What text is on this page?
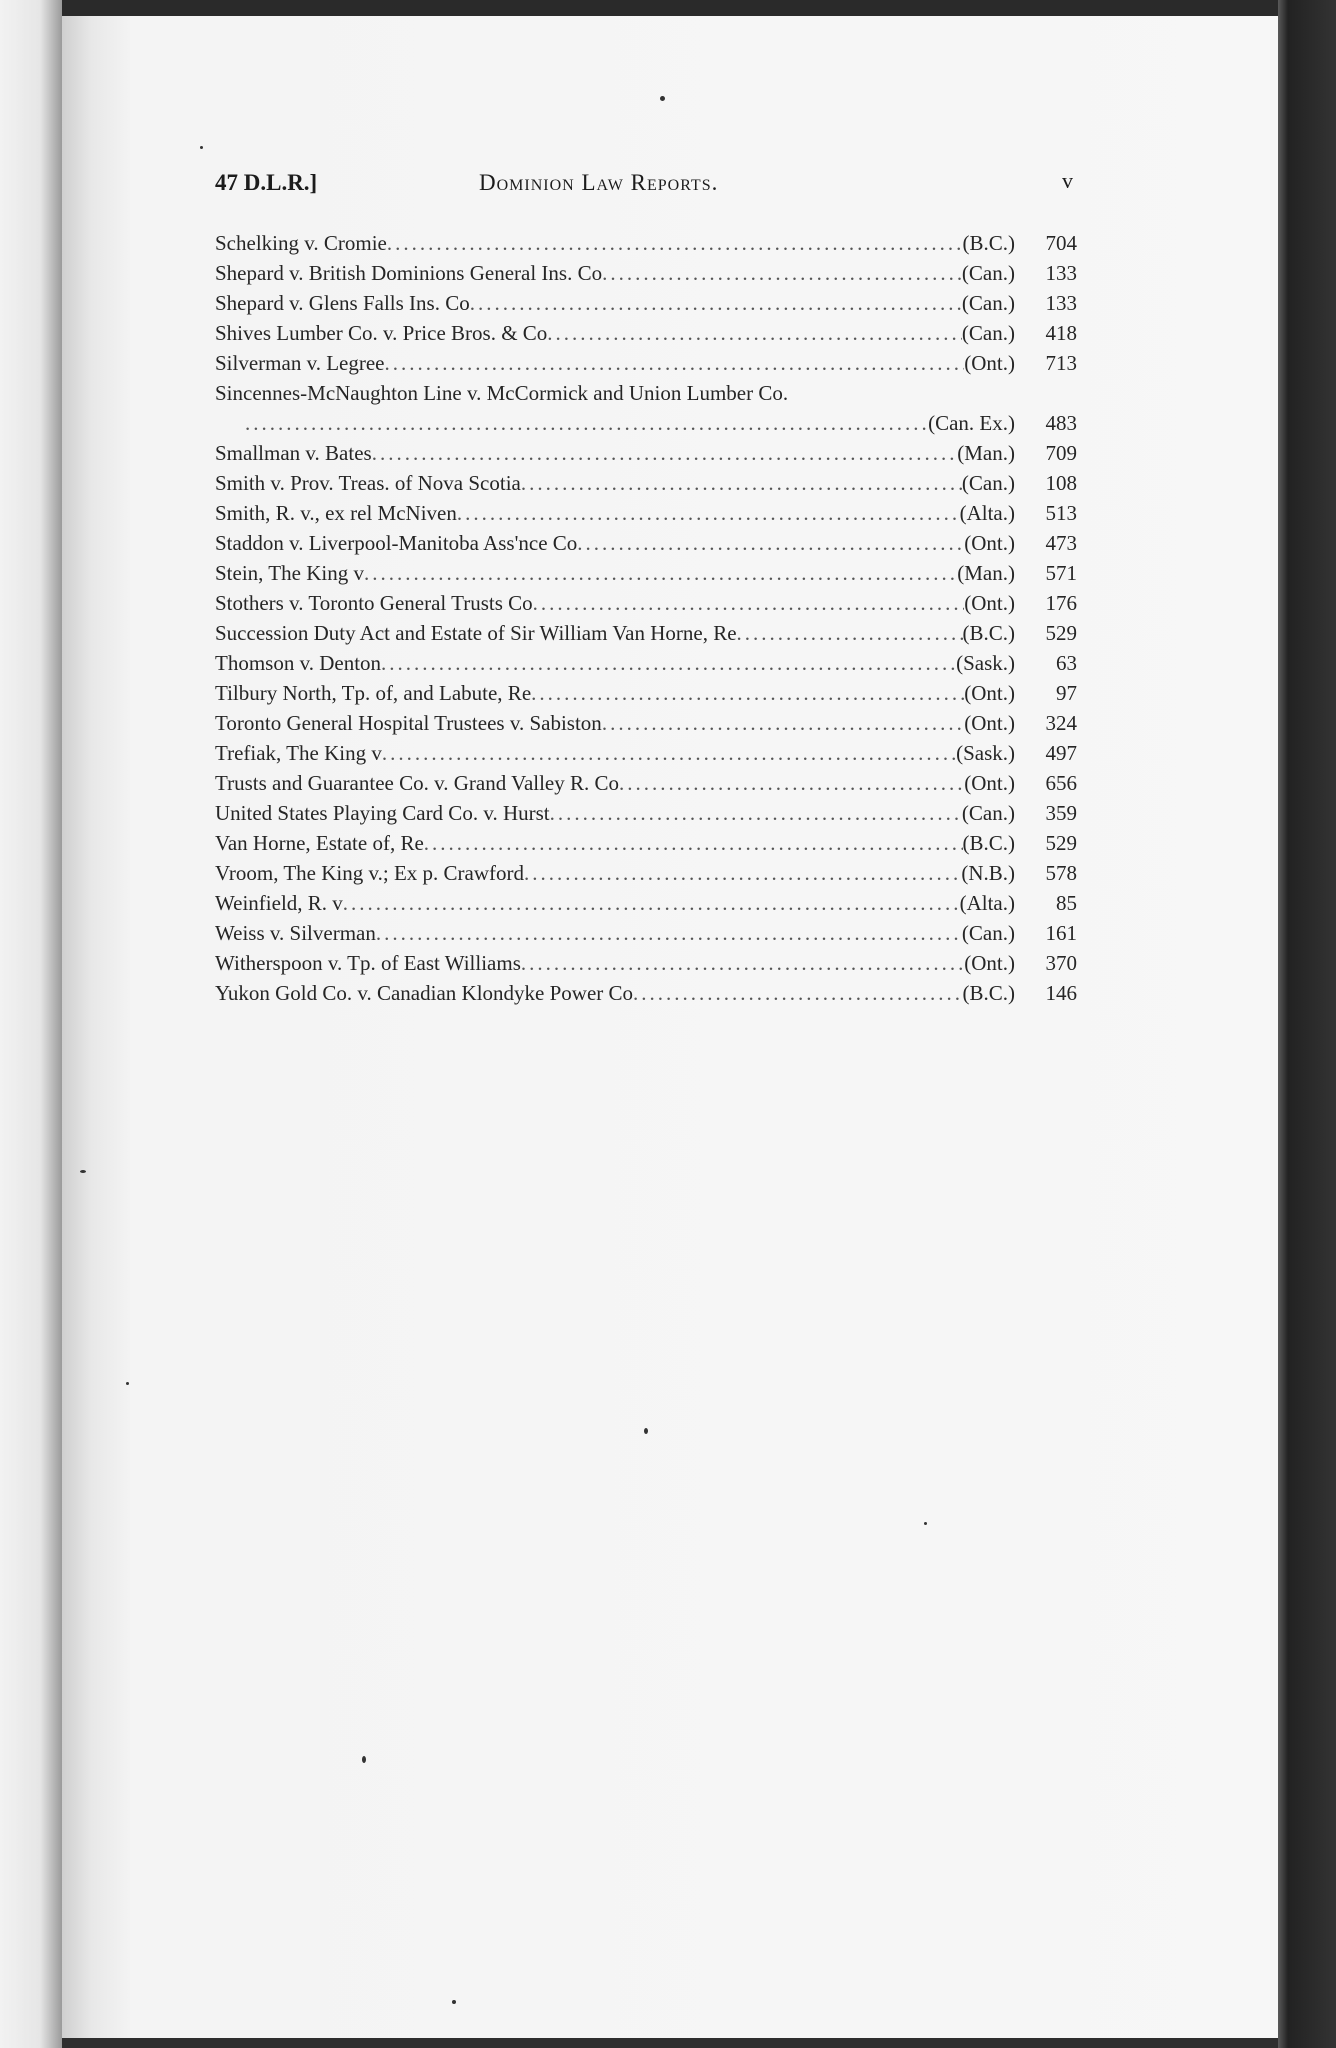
47 D.L.R.]	Dominion Law Reports.	v
Schelking v. Cromie .....	(B.C.)	704
Shepard v. British Dominions General Ins. Co .....	(Can.)	133
Shepard v. Glens Falls Ins. Co .....	(Can.)	133
Shives Lumber Co. v. Price Bros. & Co .....	(Can.)	418
Silverman v. Legree .....	(Ont.)	713
Sincennes-McNaughton Line v. McCormick and Union Lumber Co.
.....
(Can. Ex.)	483
Smallman v. Bates .....	(Man.)	709
Smith v. Prov. Treas. of Nova Scotia .....	(Can.)	108
Smith, R. v., ex rel McNiven .....	(Alta.)	513
Staddon v. Liverpool-Manitoba Ass'nce Co .....	(Ont.)	473
Stein, The King v .....	(Man.)	571
Stothers v. Toronto General Trusts Co .....	(Ont.)	176
Succession Duty Act and Estate of Sir William Van Horne, Re .....	(B.C.)	529
Thomson v. Denton .....	(Sask.)	63
Tilbury North, Tp. of, and Labute, Re .....	(Ont.)	97
Toronto General Hospital Trustees v. Sabiston .....	(Ont.)	324
Trefiak, The King v .....	(Sask.)	497
Trusts and Guarantee Co. v. Grand Valley R. Co .....	(Ont.)	656
United States Playing Card Co. v. Hurst .....	(Can.)	359
Van Horne, Estate of, Re .....	(B.C.)	529
Vroom, The King v.; Ex p. Crawford .....	(N.B.)	578
Weinfield, R. v .....	(Alta.)	85
Weiss v. Silverman .....	(Can.)	161
Witherspoon v. Tp. of East Williams .....	(Ont.)	370
Yukon Gold Co. v. Canadian Klondyke Power Co .....	(B.C.)	146
